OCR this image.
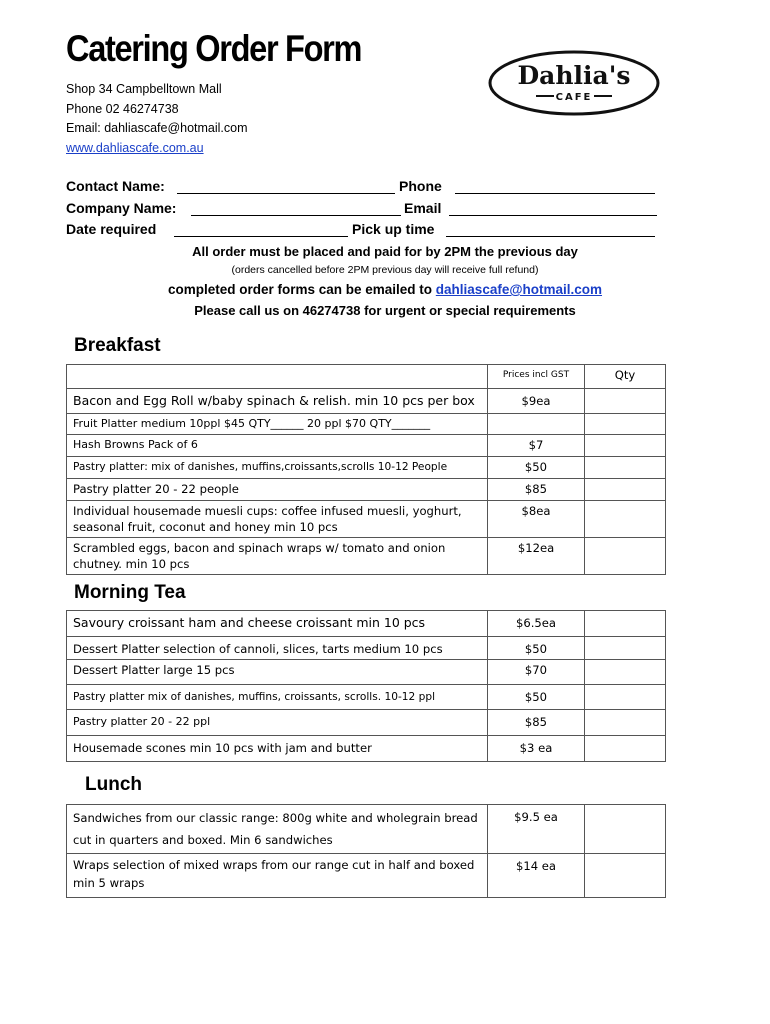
Catering Order Form
Shop 34 Campbelltown Mall
Phone 02 46274738
Email: dahliascafe@hotmail.com
www.dahliascafe.com.au
Dahlia's
CAFE
Contact Name:	Phone
Company Name:	Email
Date required	Pick up time
All order must be placed and paid for by 2PM the previous day
(orders cancelled before 2PM previous day will receive full refund)
completed order forms can be emailed to dahliascafe@hotmail.com
Please call us on 46274738 for urgent or special requirements
Breakfast
	Prices incl GST	Qty
Bacon and Egg Roll w/baby spinach & relish. min 10 pcs per box	$9ea	
Fruit Platter medium 10ppl $45 QTY______ 20 ppl $70 QTY_______		
Hash Browns Pack of 6	$7	
Pastry platter: mix of danishes, muffins,croissants,scrolls 10-12 People	$50	
Pastry platter 20 - 22 people	$85	
Individual housemade muesli cups: coffee infused muesli, yoghurt, seasonal fruit, coconut and honey min 10 pcs	$8ea	
Scrambled eggs, bacon and spinach wraps w/ tomato and onion chutney. min 10 pcs	$12ea	
Morning Tea
Savoury croissant ham and cheese croissant min 10 pcs	$6.5ea	
Dessert Platter selection of cannoli, slices, tarts medium 10 pcs	$50	
Dessert Platter large 15 pcs	$70	
Pastry platter mix of danishes, muffins, croissants, scrolls. 10-12 ppl	$50	
Pastry platter 20 - 22 ppl	$85	
Housemade scones min 10 pcs with jam and butter	$3 ea	
Lunch
Sandwiches from our classic range: 800g white and wholegrain bread cut in quarters and boxed. Min 6 sandwiches	$9.5 ea	
Wraps selection of mixed wraps from our range cut in half and boxed min 5 wraps	$14 ea	
